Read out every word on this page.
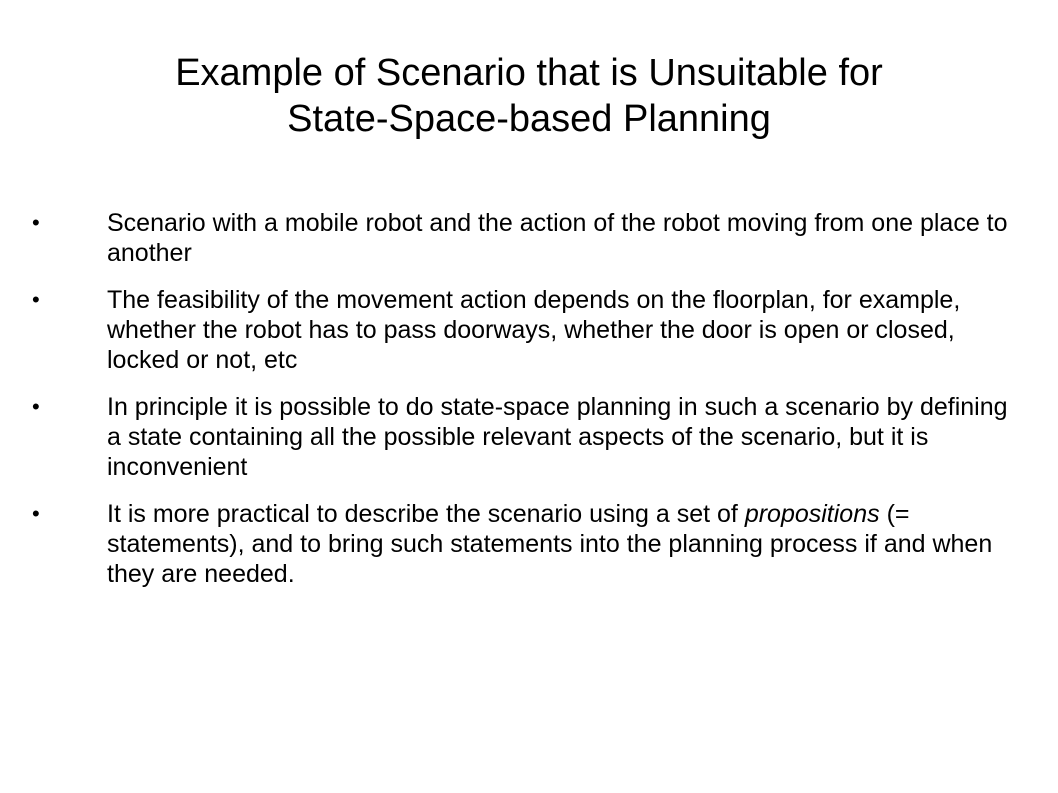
Example of Scenario that is Unsuitable for
State-Space-based Planning
•	Scenario with a mobile robot and the action of the robot moving from one place to another
•	The feasibility of the movement action depends on the floorplan, for example, whether the robot has to pass doorways, whether the door is open or closed, locked or not, etc
•	In principle it is possible to do state-space planning in such a scenario by defining a state containing all the possible relevant aspects of the scenario, but it is inconvenient
•	It is more practical to describe the scenario using a set of propositions (= statements), and to bring such statements into the planning process if and when they are needed.
